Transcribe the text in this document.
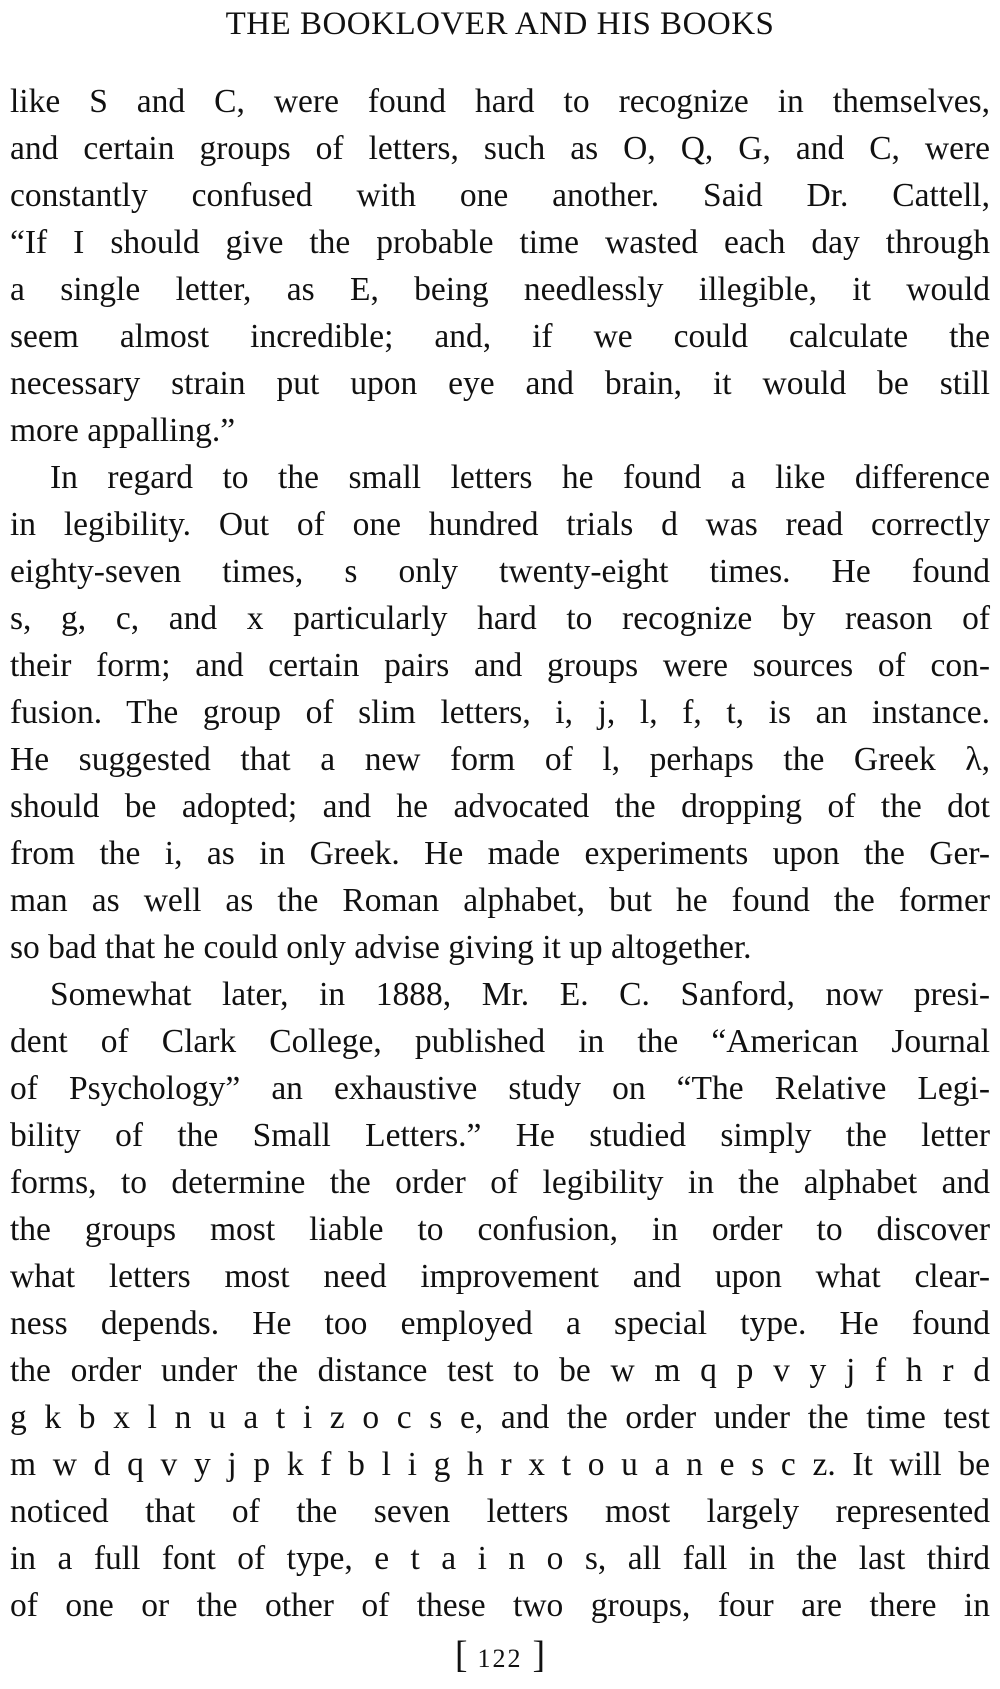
THE BOOKLOVER AND HIS BOOKS
like S and C, were found hard to recognize in themselves,
and certain groups of letters, such as O, Q, G, and C, were
constantly confused with one another. Said Dr. Cattell,
“If I should give the probable time wasted each day through
a single letter, as E, being needlessly illegible, it would
seem almost incredible; and, if we could calculate the
necessary strain put upon eye and brain, it would be still
more appalling.”
In regard to the small letters he found a like difference
in legibility. Out of one hundred trials d was read correctly
eighty-seven times, s only twenty-eight times. He found
s, g, c, and x particularly hard to recognize by reason of
their form; and certain pairs and groups were sources of con-
fusion. The group of slim letters, i, j, l, f, t, is an instance.
He suggested that a new form of l, perhaps the Greek λ,
should be adopted; and he advocated the dropping of the dot
from the i, as in Greek. He made experiments upon the Ger-
man as well as the Roman alphabet, but he found the former
so bad that he could only advise giving it up altogether.
Somewhat later, in 1888, Mr. E. C. Sanford, now presi-
dent of Clark College, published in the “American Journal
of Psychology” an exhaustive study on “The Relative Legi-
bility of the Small Letters.” He studied simply the letter
forms, to determine the order of legibility in the alphabet and
the groups most liable to confusion, in order to discover
what letters most need improvement and upon what clear-
ness depends. He too employed a special type. He found
the order under the distance test to be w m q p v y j f h r d
g k b x l n u a t i z o c s e, and the order under the time test
m w d q v y j p k f b l i g h r x t o u a n e s c z. It will be
noticed that of the seven letters most largely represented
in a full font of type, e t a i n o s, all fall in the last third
of one or the other of these two groups, four are there in
[ 122 ]
